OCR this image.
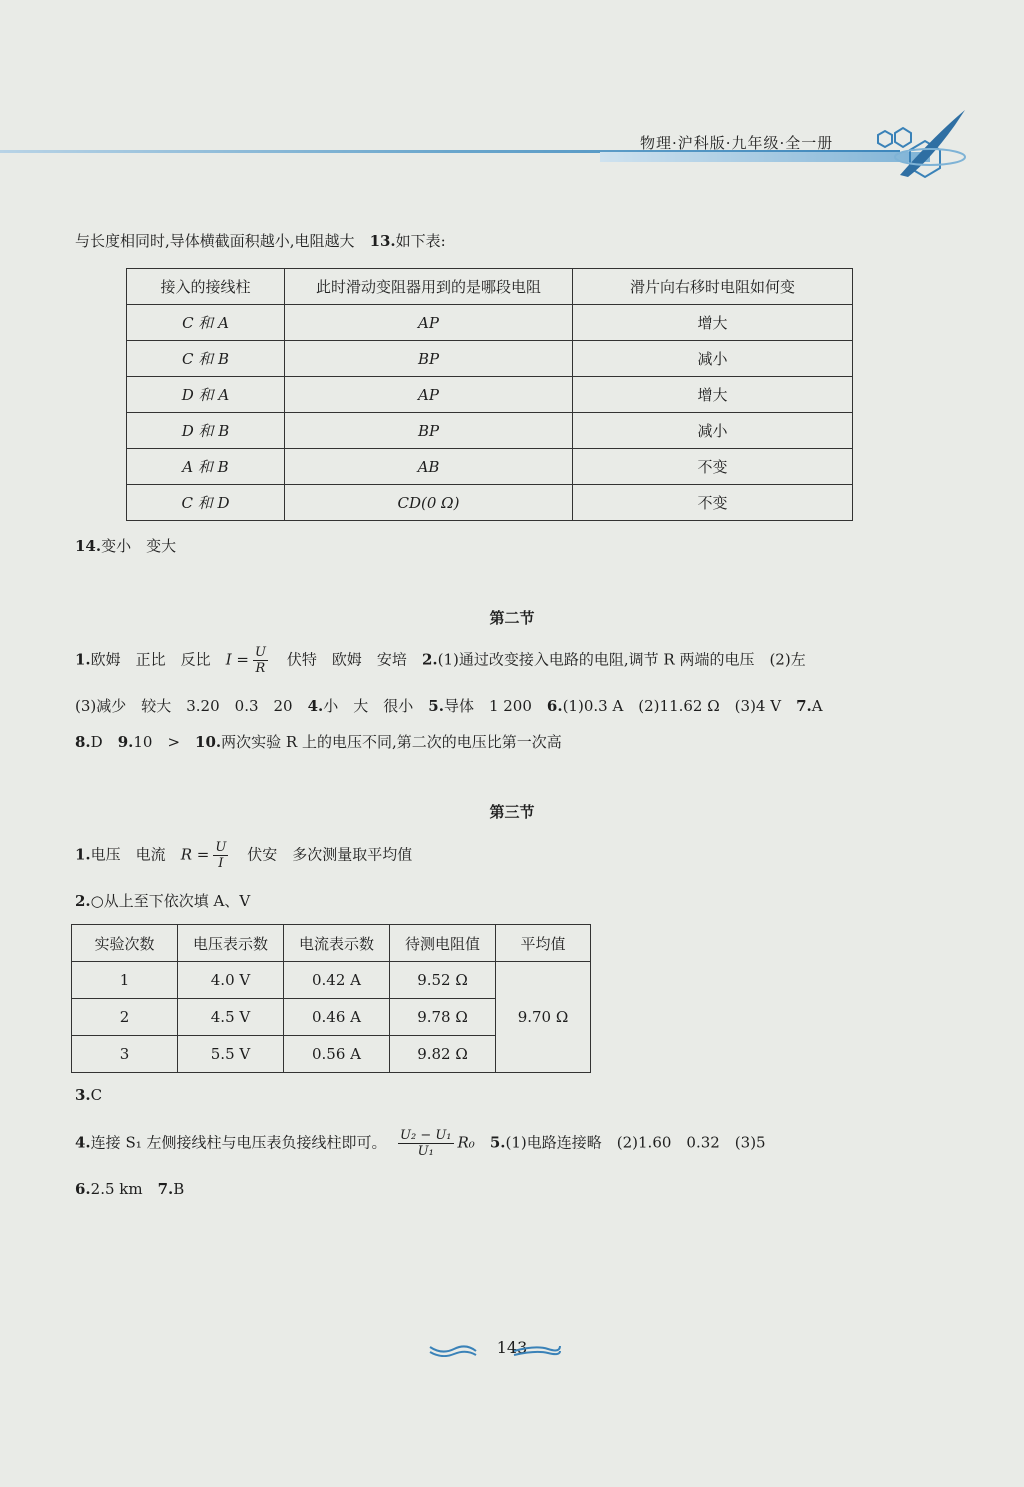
物理·沪科版·九年级·全一册
与长度相同时,导体横截面积越小,电阻越大　 13.如下表:
接入的接线柱	此时滑动变阻器用到的是哪段电阻	滑片向右移时电阻如何变
C 和 A	AP	增大
C 和 B	BP	减小
D 和 A	AP	增大
D 和 B	BP	减小
A 和 B	AB	不变
C 和 D	CD(0 Ω)	不变
14.变小　变大
第二节
1.欧姆　正比　反比　$I = \frac{U}{R}$ 　伏特　欧姆　安培　2.(1)通过改变接入电路的电阻,调节 R 两端的电压　(2)左
(3)减少　较大　3.20　0.3　20　4.小　大　很小　5.导体　1 200　6.(1)0.3 A　(2)11.62 Ω　(3)4 V　7.A
8.D　9.10　>　10.两次实验 R 上的电压不同,第二次的电压比第一次高
第三节
1.电压　电流　$R = \frac{U}{I}$ 　伏安　多次测量取平均值
2.○从上至下依次填 A、V
实验次数	电压表示数	电流表示数	待测电阻值	平均值
1	4.0 V	0.42 A	9.52 Ω	9.70 Ω
2	4.5 V	0.46 A	9.78 Ω	
3	5.5 V	0.56 A	9.82 Ω	
3.C
4.连接 S₁ 左侧接线柱与电压表负接线柱即可。　 $\frac{\text{U₂ − U₁}}{\text{U₁}} R_0$　 5.(1)电路连接略　(2)1.60　0.32　(3)5
6.2.5 km　7.B
143
